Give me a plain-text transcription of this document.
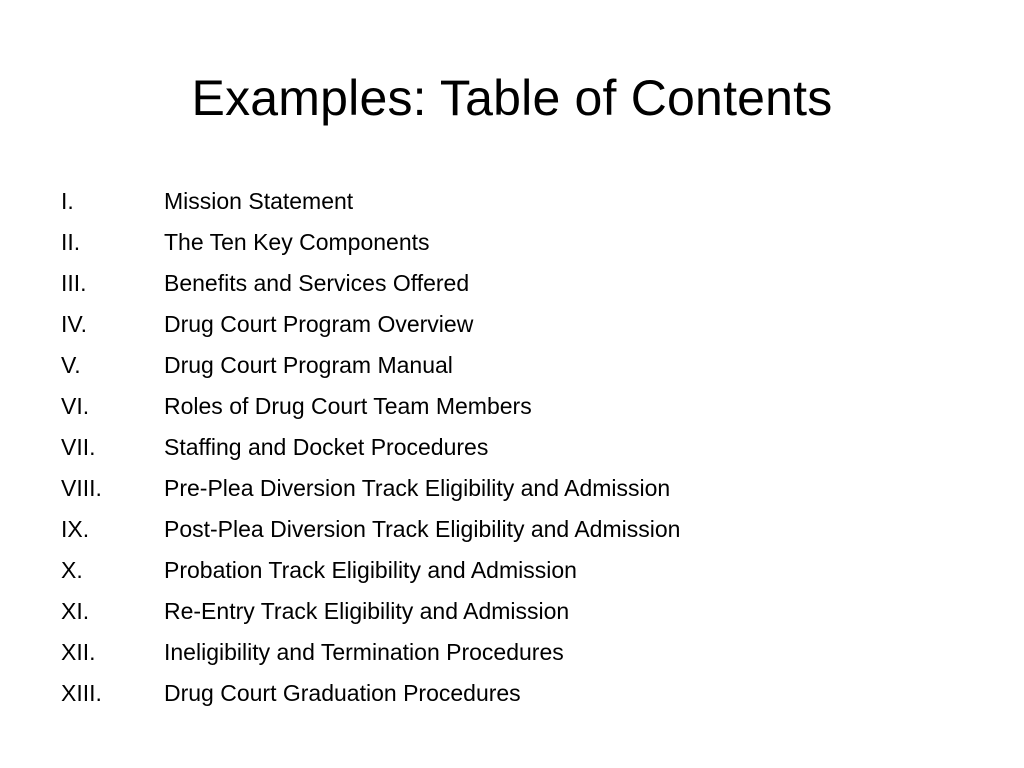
Examples: Table of Contents
I.	Mission Statement
II.	The Ten Key Components
III.	Benefits and Services Offered
IV.	Drug Court Program Overview
V.	Drug Court Program Manual
VI.	Roles of Drug Court Team Members
VII.	Staffing and Docket Procedures
VIII.	Pre-Plea Diversion Track Eligibility and Admission
IX.	Post-Plea Diversion Track Eligibility and Admission
X.	Probation Track Eligibility and Admission
XI.	Re-Entry Track Eligibility and Admission
XII.	Ineligibility and Termination Procedures
XIII.	Drug Court Graduation Procedures
